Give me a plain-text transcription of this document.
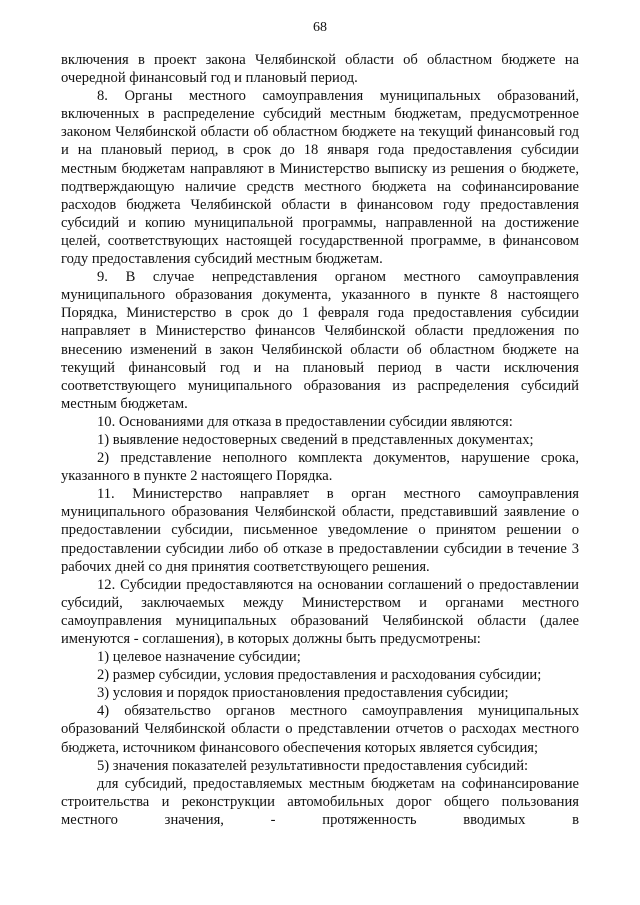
68

включения в проект закона Челябинской области об областном бюджете на очередной финансовый год и плановый период.

8. Органы местного самоуправления муниципальных образований, включенных в распределение субсидий местным бюджетам, предусмотренное законом Челябинской области об областном бюджете на текущий финансовый год и на плановый период, в срок до 18 января года предоставления субсидии местным бюджетам направляют в Министерство выписку из решения о бюджете, подтверждающую наличие средств местного бюджета на софинансирование расходов бюджета Челябинской области в финансовом году предоставления субсидий и копию муниципальной программы, направленной на достижение целей, соответствующих настоящей государственной программе, в финансовом году предоставления субсидий местным бюджетам.

9. В случае непредставления органом местного самоуправления муниципального образования документа, указанного в пункте 8 настоящего Порядка, Министерство в срок до 1 февраля года предоставления субсидии направляет в Министерство финансов Челябинской области предложения по внесению изменений в закон Челябинской области об областном бюджете на текущий финансовый год и на плановый период в части исключения соответствующего муниципального образования из распределения субсидий местным бюджетам.

10. Основаниями для отказа в предоставлении субсидии являются:

1) выявление недостоверных сведений в представленных документах;

2) представление неполного комплекта документов, нарушение срока, указанного в пункте 2 настоящего Порядка.

11. Министерство направляет в орган местного самоуправления муниципального образования Челябинской области, представивший заявление о предоставлении субсидии, письменное уведомление о принятом решении о предоставлении субсидии либо об отказе в предоставлении субсидии в течение 3 рабочих дней со дня принятия соответствующего решения.

12. Субсидии предоставляются на основании соглашений о предоставлении субсидий, заключаемых между Министерством и органами местного самоуправления муниципальных образований Челябинской области (далее именуются - соглашения), в которых должны быть предусмотрены:

1) целевое назначение субсидии;

2) размер субсидии, условия предоставления и расходования субсидии;

3) условия и порядок приостановления предоставления субсидии;

4) обязательство органов местного самоуправления муниципальных образований Челябинской области о представлении отчетов о расходах местного бюджета, источником финансового обеспечения которых является субсидия;

5) значения показателей результативности предоставления субсидий:

для субсидий, предоставляемых местным бюджетам на софинансирование строительства и реконструкции автомобильных дорог общего пользования местного значения, - протяженность вводимых в
